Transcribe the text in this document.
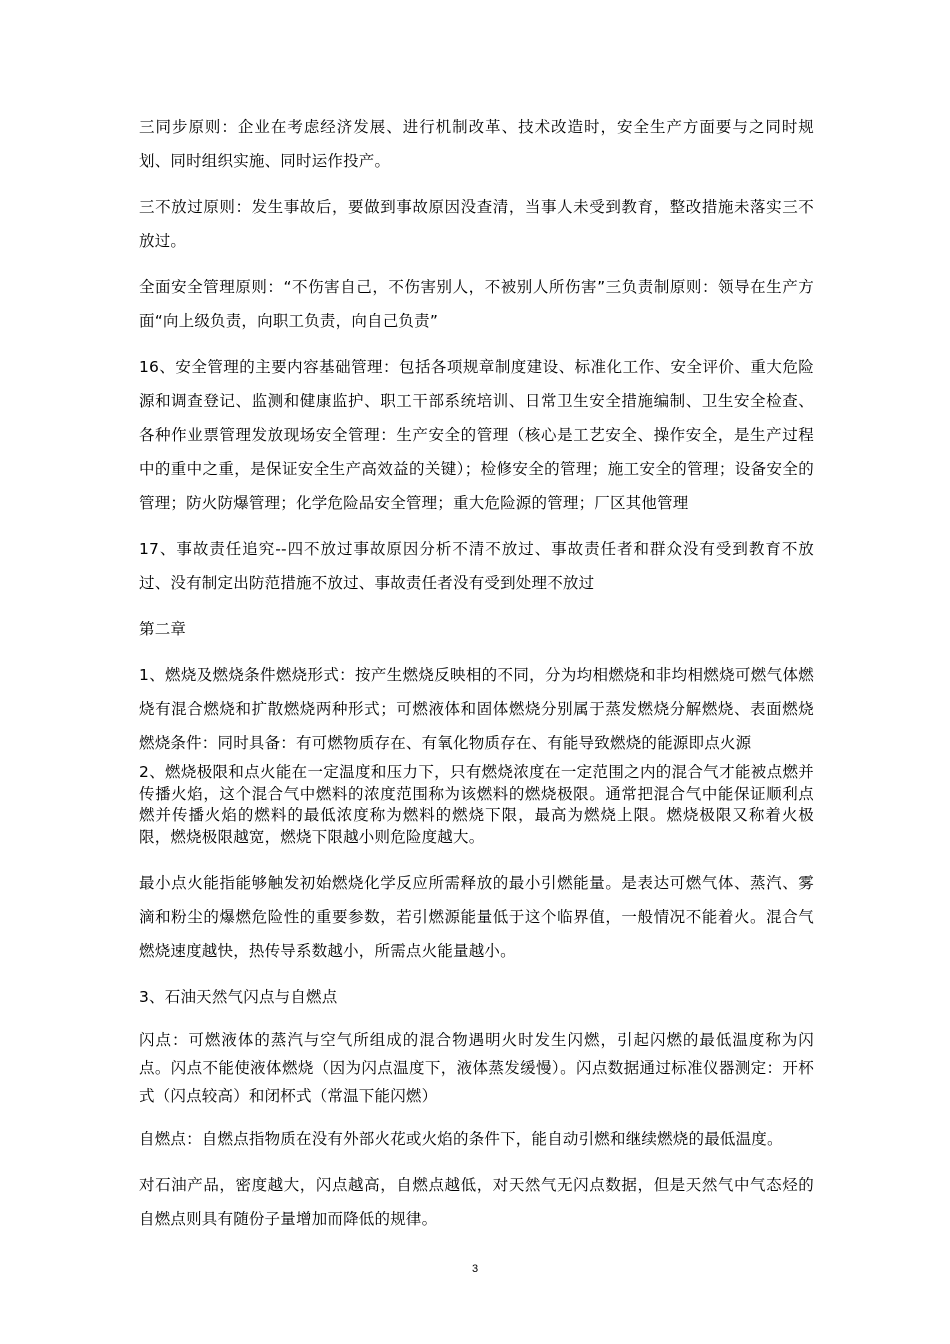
三同步原则：企业在考虑经济发展、进行机制改革、技术改造时，安全生产方面要与之同时规划、同时组织实施、同时运作投产。

三不放过原则：发生事故后，要做到事故原因没查清，当事人未受到教育，整改措施未落实三不放过。

全面安全管理原则：“不伤害自己，不伤害别人，不被别人所伤害”三负责制原则：领导在生产方面“向上级负责，向职工负责，向自己负责”

16、安全管理的主要内容基础管理：包括各项规章制度建设、标准化工作、安全评价、重大危险源和调查登记、监测和健康监护、职工干部系统培训、日常卫生安全措施编制、卫生安全检查、各种作业票管理发放现场安全管理：生产安全的管理（核心是工艺安全、操作安全，是生产过程中的重中之重，是保证安全生产高效益的关键）；检修安全的管理；施工安全的管理；设备安全的管理；防火防爆管理；化学危险品安全管理；重大危险源的管理；厂区其他管理

17、事故责任追究--四不放过事故原因分析不清不放过、事故责任者和群众没有受到教育不放过、没有制定出防范措施不放过、事故责任者没有受到处理不放过

第二章

1、燃烧及燃烧条件燃烧形式：按产生燃烧反映相的不同，分为均相燃烧和非均相燃烧可燃气体燃烧有混合燃烧和扩散燃烧两种形式；可燃液体和固体燃烧分别属于蒸发燃烧分解燃烧、表面燃烧燃烧条件：同时具备：有可燃物质存在、有氧化物质存在、有能导致燃烧的能源即点火源

2、燃烧极限和点火能在一定温度和压力下，只有燃烧浓度在一定范围之内的混合气才能被点燃并传播火焰，这个混合气中燃料的浓度范围称为该燃料的燃烧极限。通常把混合气中能保证顺利点燃并传播火焰的燃料的最低浓度称为燃料的燃烧下限，最高为燃烧上限。燃烧极限又称着火极限，燃烧极限越宽，燃烧下限越小则危险度越大。

最小点火能指能够触发初始燃烧化学反应所需释放的最小引燃能量。是表达可燃气体、蒸汽、雾滴和粉尘的爆燃危险性的重要参数，若引燃源能量低于这个临界值，一般情况不能着火。混合气燃烧速度越快，热传导系数越小，所需点火能量越小。

3、石油天然气闪点与自燃点

闪点：可燃液体的蒸汽与空气所组成的混合物遇明火时发生闪燃，引起闪燃的最低温度称为闪点。闪点不能使液体燃烧（因为闪点温度下，液体蒸发缓慢）。闪点数据通过标准仪器测定：开杯式（闪点较高）和闭杯式（常温下能闪燃）

自燃点：自燃点指物质在没有外部火花或火焰的条件下，能自动引燃和继续燃烧的最低温度。

对石油产品，密度越大，闪点越高，自燃点越低，对天然气无闪点数据，但是天然气中气态烃的自燃点则具有随份子量增加而降低的规律。

3
